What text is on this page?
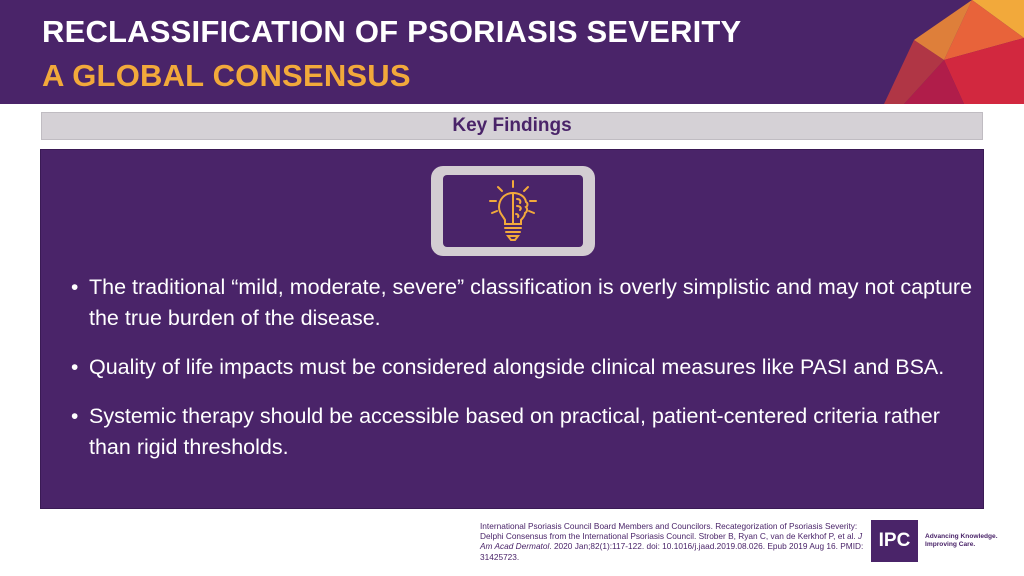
RECLASSIFICATION OF PSORIASIS SEVERITY
A GLOBAL CONSENSUS
Key Findings
• The traditional “mild, moderate, severe” classification is overly simplistic and may not capture the true burden of the disease.
• Quality of life impacts must be considered alongside clinical measures like PASI and BSA.
• Systemic therapy should be accessible based on practical, patient-centered criteria rather than rigid thresholds.
International Psoriasis Council Board Members and Councilors. Recategorization of Psoriasis Severity: Delphi Consensus from the International Psoriasis Council. Strober B, Ryan C, van de Kerkhof P, et al. J Am Acad Dermatol. 2020 Jan;82(1):117-122. doi: 10.1016/j.jaad.2019.08.026. Epub 2019 Aug 16. PMID: 31425723.
IPC	Advancing Knowledge.
Improving Care.
